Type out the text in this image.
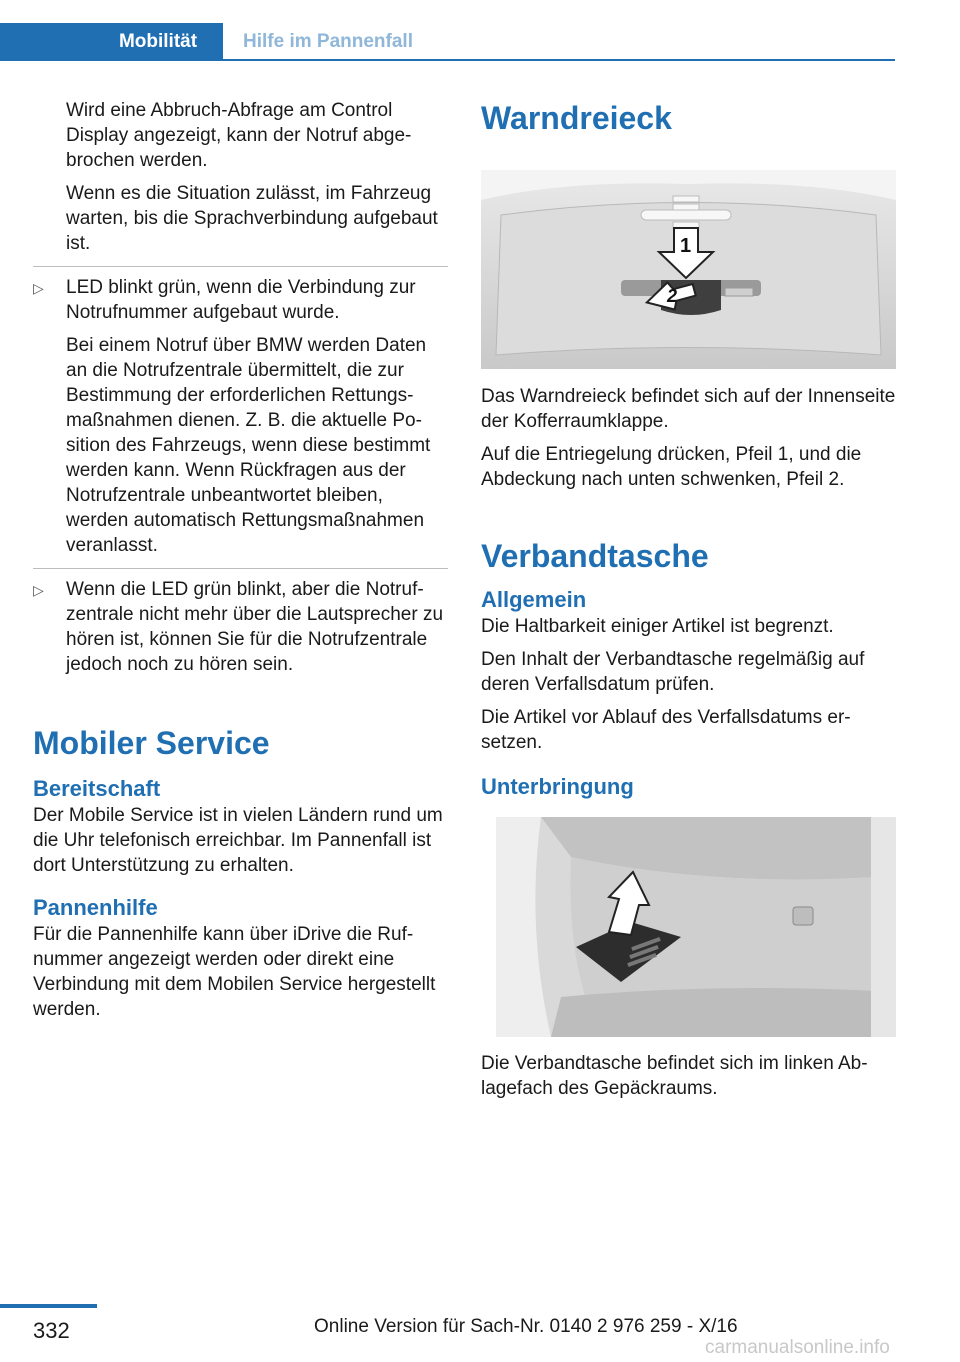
Mobilität	Hilfe im Pannenfall

Wird eine Abbruch-Abfrage am Control Display angezeigt, kann der Notruf abgebrochen werden.

Wenn es die Situation zulässt, im Fahrzeug warten, bis die Sprachverbindung aufgebaut ist.

▷ LED blinkt grün, wenn die Verbindung zur Notrufnummer aufgebaut wurde.

Bei einem Notruf über BMW werden Daten an die Notrufzentrale übermittelt, die zur Bestimmung der erforderlichen Rettungsmaßnahmen dienen. Z. B. die aktuelle Position des Fahrzeugs, wenn diese bestimmt werden kann. Wenn Rückfragen aus der Notrufzentrale unbeantwortet bleiben, werden automatisch Rettungsmaßnahmen veranlasst.

▷ Wenn die LED grün blinkt, aber die Notrufzentrale nicht mehr über die Lautsprecher zu hören ist, können Sie für die Notrufzentrale jedoch noch zu hören sein.

Mobiler Service
Bereitschaft

Der Mobile Service ist in vielen Ländern rund um die Uhr telefonisch erreichbar. Im Pannenfall ist dort Unterstützung zu erhalten.

Pannenhilfe

Für die Pannenhilfe kann über iDrive die Rufnummer angezeigt werden oder direkt eine Verbindung mit dem Mobilen Service hergestellt werden.

Warndreieck
1
2

Das Warndreieck befindet sich auf der Innenseite der Kofferraumklappe.

Auf die Entriegelung drücken, Pfeil 1, und die Abdeckung nach unten schwenken, Pfeil 2.

Verbandtasche
Allgemein

Die Haltbarkeit einiger Artikel ist begrenzt.

Den Inhalt der Verbandtasche regelmäßig auf deren Verfallsdatum prüfen.

Die Artikel vor Ablauf des Verfallsdatums ersetzen.

Unterbringung

Die Verbandtasche befindet sich im linken Ablagefach des Gepäckraums.

332	Online Version für Sach-Nr. 0140 2 976 259 - X/16
carmanualsonline.info
